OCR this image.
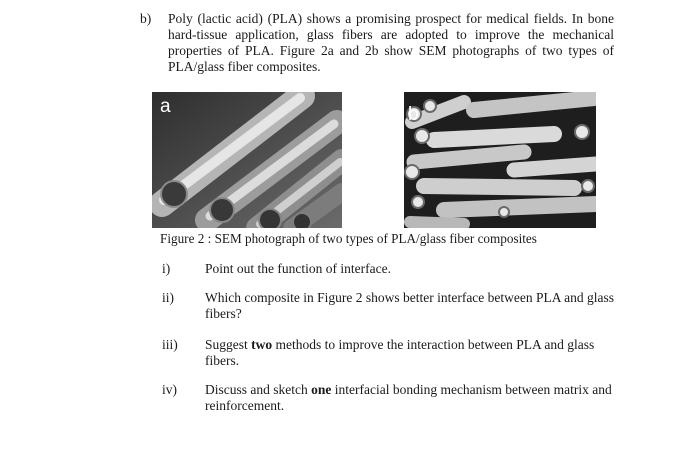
b) Poly (lactic acid) (PLA) shows a promising prospect for medical fields. In bone hard-tissue application, glass fibers are adopted to improve the mechanical properties of PLA. Figure 2a and 2b show SEM photographs of two types of PLA/glass fiber composites.
a	b
Figure 2 : SEM photograph of two types of PLA/glass fiber composites
i)	Point out the function of interface.
ii)	Which composite in Figure 2 shows better interface between PLA and glass fibers?
iii)	Suggest two methods to improve the interaction between PLA and glass fibers.
iv)	Discuss and sketch one interfacial bonding mechanism between matrix and reinforcement.
